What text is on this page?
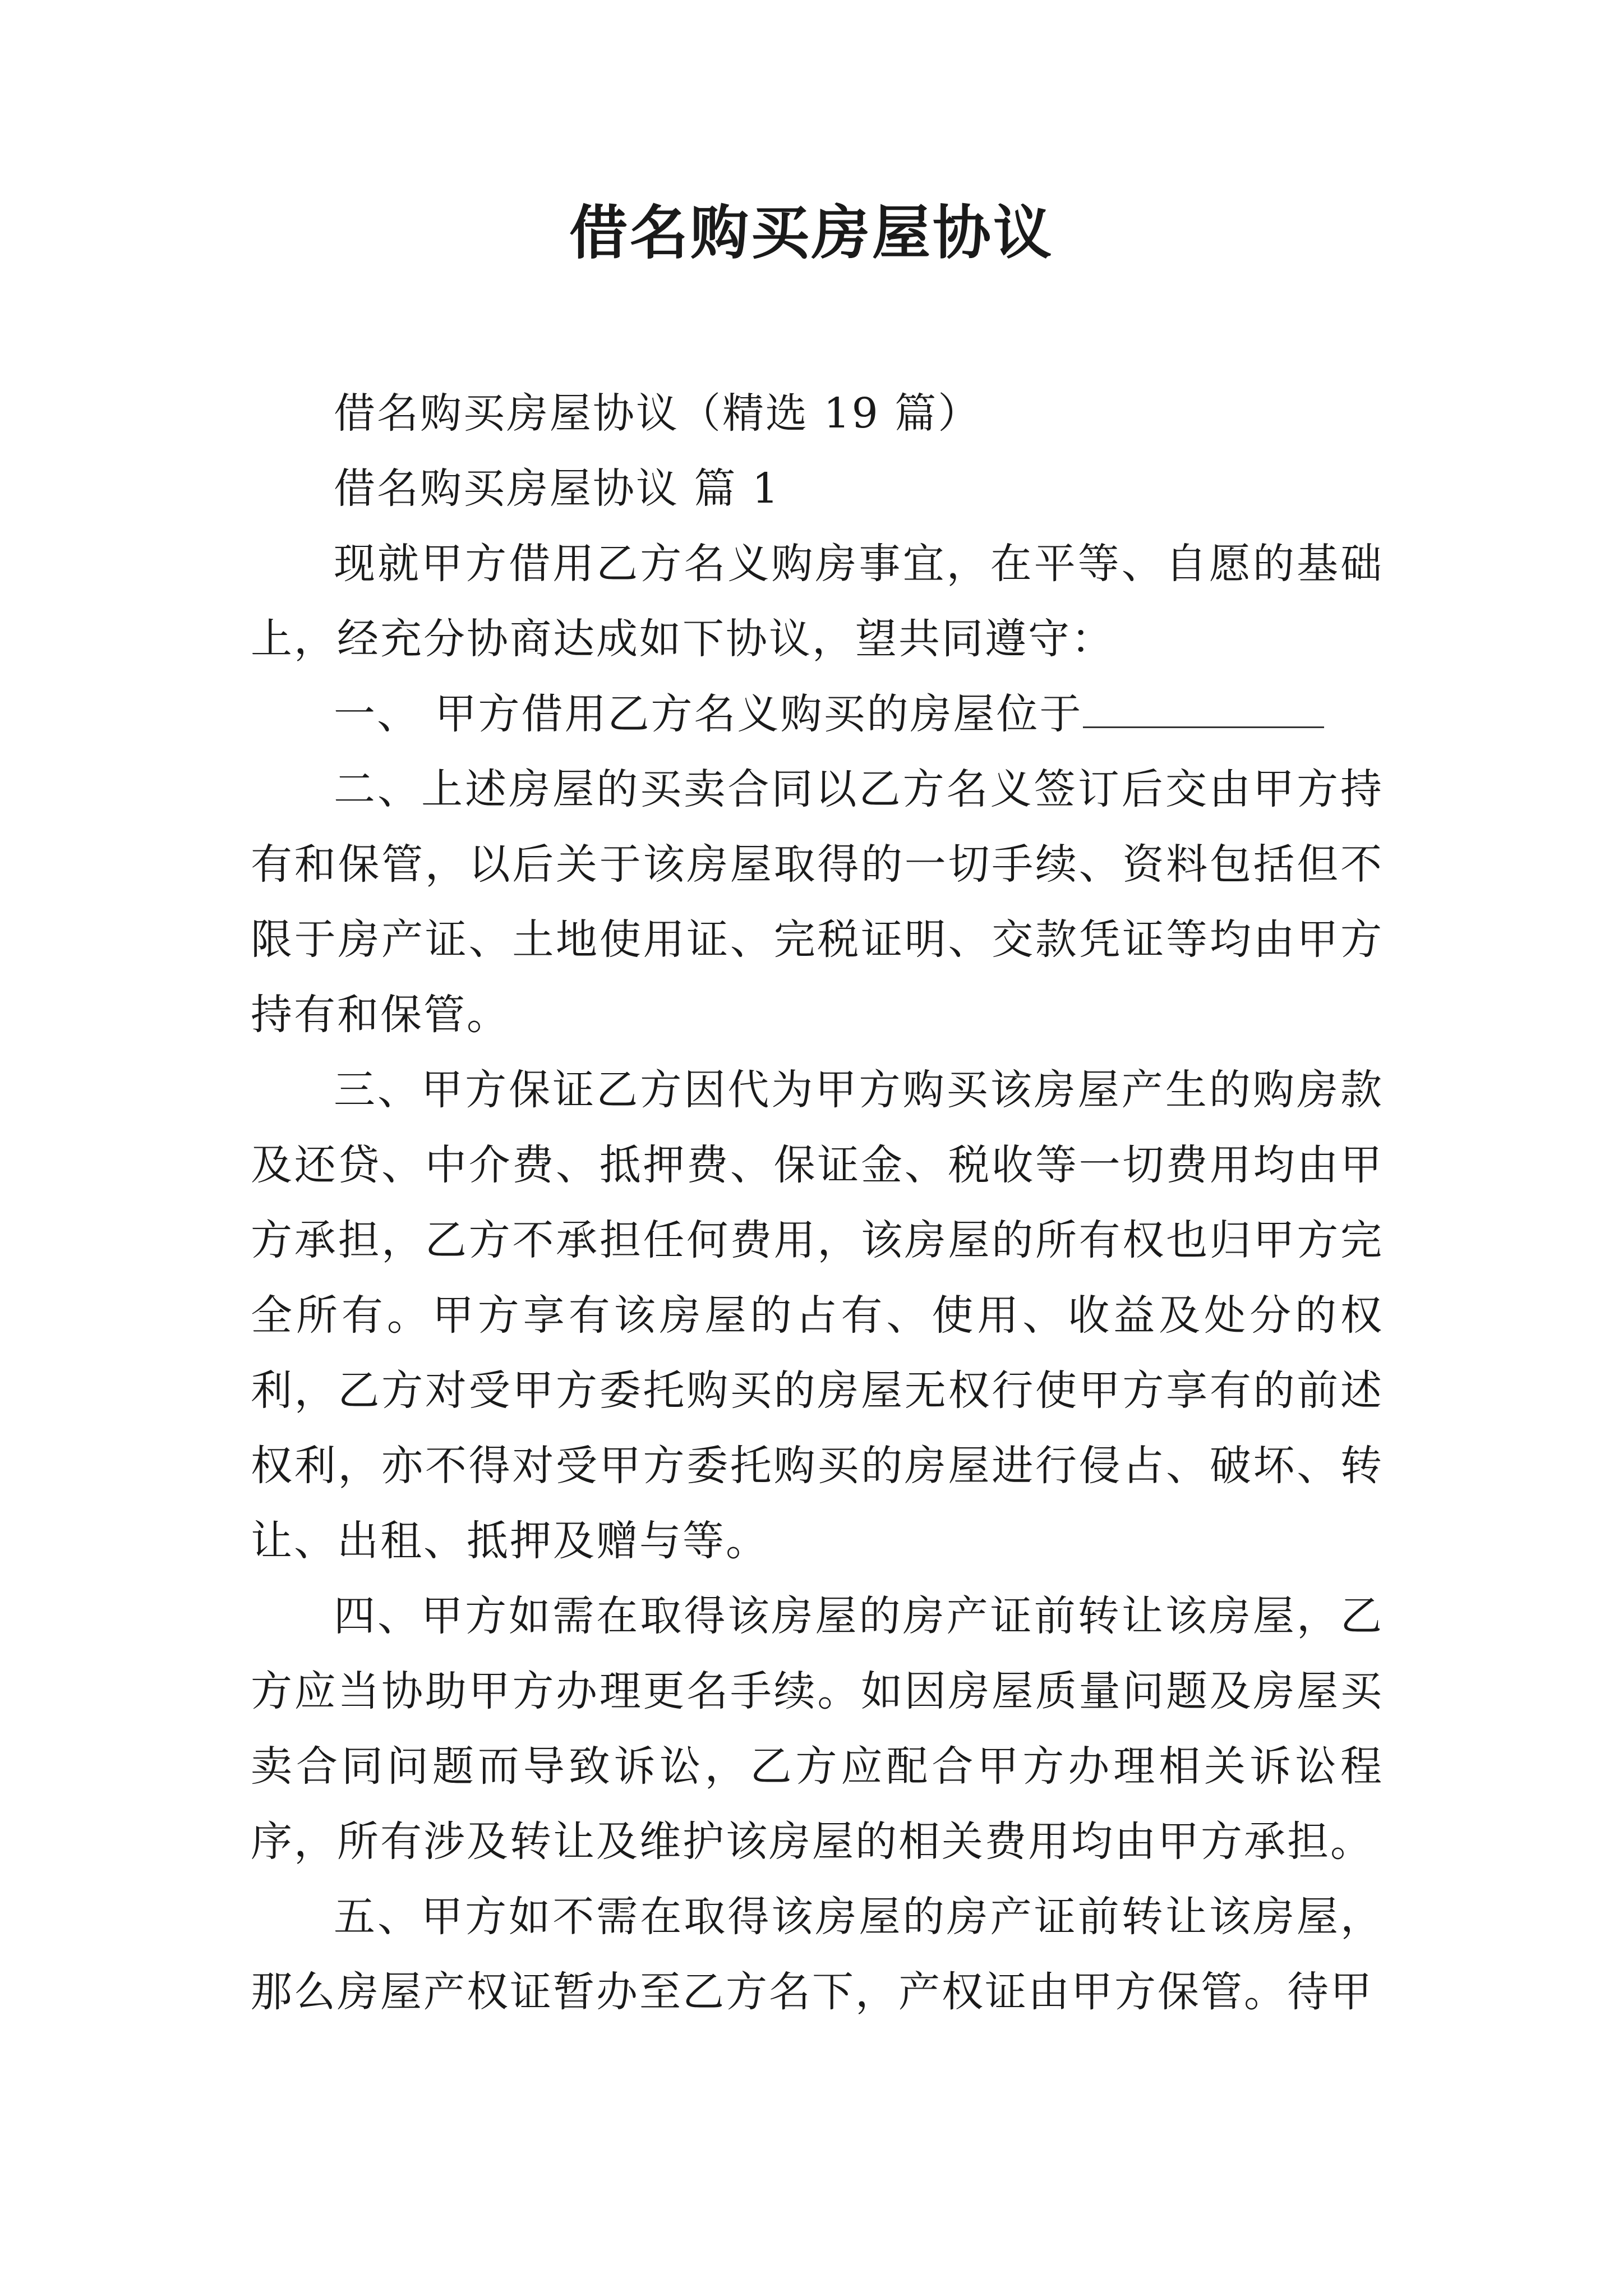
借名购买房屋协议

借名购买房屋协议（精选 19 篇）

借名购买房屋协议 篇 1

现就甲方借用乙方名义购房事宜，在平等、自愿的基础上，经充分协商达成如下协议，望共同遵守：

一、 甲方借用乙方名义购买的房屋位于

二、上述房屋的买卖合同以乙方名义签订后交由甲方持有和保管，以后关于该房屋取得的一切手续、资料包括但不限于房产证、土地使用证、完税证明、交款凭证等均由甲方持有和保管。

三、甲方保证乙方因代为甲方购买该房屋产生的购房款及还贷、中介费、抵押费、保证金、税收等一切费用均由甲方承担，乙方不承担任何费用，该房屋的所有权也归甲方完全所有。甲方享有该房屋的占有、使用、收益及处分的权利，乙方对受甲方委托购买的房屋无权行使甲方享有的前述权利，亦不得对受甲方委托购买的房屋进行侵占、破坏、转让、出租、抵押及赠与等。

四、甲方如需在取得该房屋的房产证前转让该房屋，乙方应当协助甲方办理更名手续。如因房屋质量问题及房屋买卖合同问题而导致诉讼，乙方应配合甲方办理相关诉讼程序，所有涉及转让及维护该房屋的相关费用均由甲方承担。

五、甲方如不需在取得该房屋的房产证前转让该房屋，那么房屋产权证暂办至乙方名下，产权证由甲方保管。待甲
